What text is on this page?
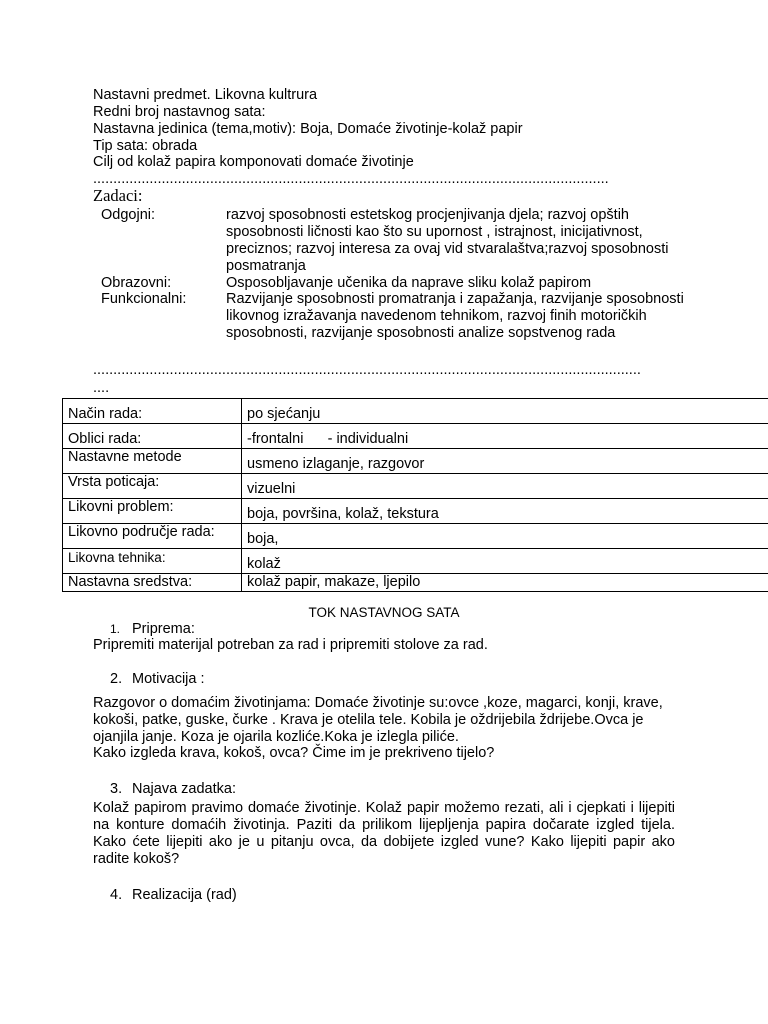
Nastavni predmet. Likovna kultrura
Redni broj nastavnog sata:
Nastavna jedinica (tema,motiv): Boja, Domaće životinje-kolaž papir
Tip sata: obrada
Cilj od kolaž papira komponovati domaće životinje
................................................................................................................................
Zadaci:
Odgojni:	razvoj sposobnosti estetskog procjenjivanja djela; razvoj opštih sposobnosti ličnosti kao što su upornost , istrajnost, inicijativnost, preciznos; razvoj interesa za ovaj vid stvaralaštva;razvoj sposobnosti posmatranja
Obrazovni:	Osposobljavanje učenika da naprave sliku kolaž papirom
Funkcionalni:	Razvijanje sposobnosti promatranja i zapažanja, razvijanje sposobnosti likovnog izražavanja navedenom tehnikom, razvoj finih motoričkih sposobnosti, razvijanje sposobnosti analize sopstvenog rada
........................................................................................................................................
....
Način rada:	po sjećanju
Oblici rada:	-frontalni      - individualni
Nastavne metode	usmeno izlaganje, razgovor
Vrsta poticaja:	vizuelni
Likovni problem:	boja, površina, kolaž, tekstura
Likovno područje rada:	boja,
Likovna tehnika:	kolaž
Nastavna sredstva:	kolaž papir, makaze, ljepilo
TOK NASTAVNOG SATA
1. Priprema:
Pripremiti materijal potreban za rad i pripremiti stolove za rad.
2. Motivacija :
Razgovor o domaćim životinjama: Domaće životinje su:ovce ,koze, magarci, konji, krave, kokoši, patke, guske, čurke . Krava je otelila tele. Kobila je oždrijebila ždrijebe.Ovca je ojanjila janje. Koza je ojarila kozliće.Koka je izlegla piliće.
Kako izgleda krava, kokoš, ovca? Čime im je prekriveno tijelo?
3. Najava zadatka:
Kolaž papirom pravimo domaće životinje. Kolaž papir možemo rezati, ali i cjepkati i lijepiti na konture domaćih životinja. Paziti da prilikom lijepljenja papira dočarate izgled tijela. Kako ćete lijepiti ako je u pitanju ovca, da dobijete izgled vune? Kako lijepiti papir ako radite kokoš?
4. Realizacija (rad)
